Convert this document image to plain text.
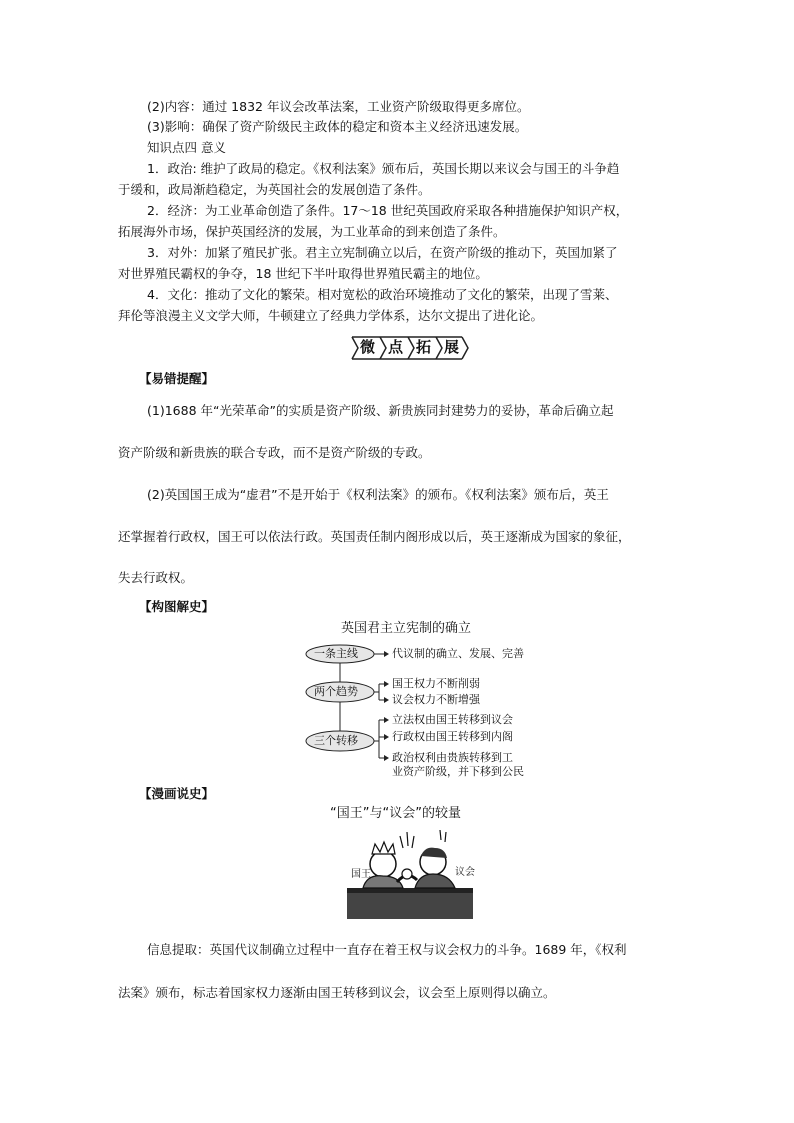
(2)内容：通过 1832 年议会改革法案，工业资产阶级取得更多席位。
(3)影响：确保了资产阶级民主政体的稳定和资本主义经济迅速发展。
知识点四 意义
1．政治: 维护了政局的稳定。《权利法案》颁布后，英国长期以来议会与国王的斗争趋
于缓和，政局渐趋稳定，为英国社会的发展创造了条件。
2．经济：为工业革命创造了条件。17～18 世纪英国政府采取各种措施保护知识产权，
拓展海外市场，保护英国经济的发展，为工业革命的到来创造了条件。
3．对外：加紧了殖民扩张。君主立宪制确立以后，在资产阶级的推动下，英国加紧了
对世界殖民霸权的争夺，18 世纪下半叶取得世界殖民霸主的地位。
4．文化：推动了文化的繁荣。相对宽松的政治环境推动了文化的繁荣，出现了雪莱、
拜伦等浪漫主义文学大师，牛顿建立了经典力学体系，达尔文提出了进化论。
微 点 拓 展
【易错提醒】
(1)1688 年“光荣革命”的实质是资产阶级、新贵族同封建势力的妥协，革命后确立起
资产阶级和新贵族的联合专政，而不是资产阶级的专政。
(2)英国国王成为“虚君”不是开始于《权利法案》的颁布。《权利法案》颁布后，英王
还掌握着行政权，国王可以依法行政。英国责任制内阁形成以后，英王逐渐成为国家的象征，
失去行政权。
【构图解史】
英国君主立宪制的确立
一条主线	代议制的确立、发展、完善
两个趋势
国王权力不断削弱
议会权力不断增强
三个转移
立法权由国王转移到议会
行政权由国王转移到内阁
政治权利由贵族转移到工
业资产阶级，并下移到公民
【漫画说史】
“国王”与“议会”的较量
国王	议会
信息提取：英国代议制确立过程中一直存在着王权与议会权力的斗争。1689 年，《权利
法案》颁布，标志着国家权力逐渐由国王转移到议会，议会至上原则得以确立。
